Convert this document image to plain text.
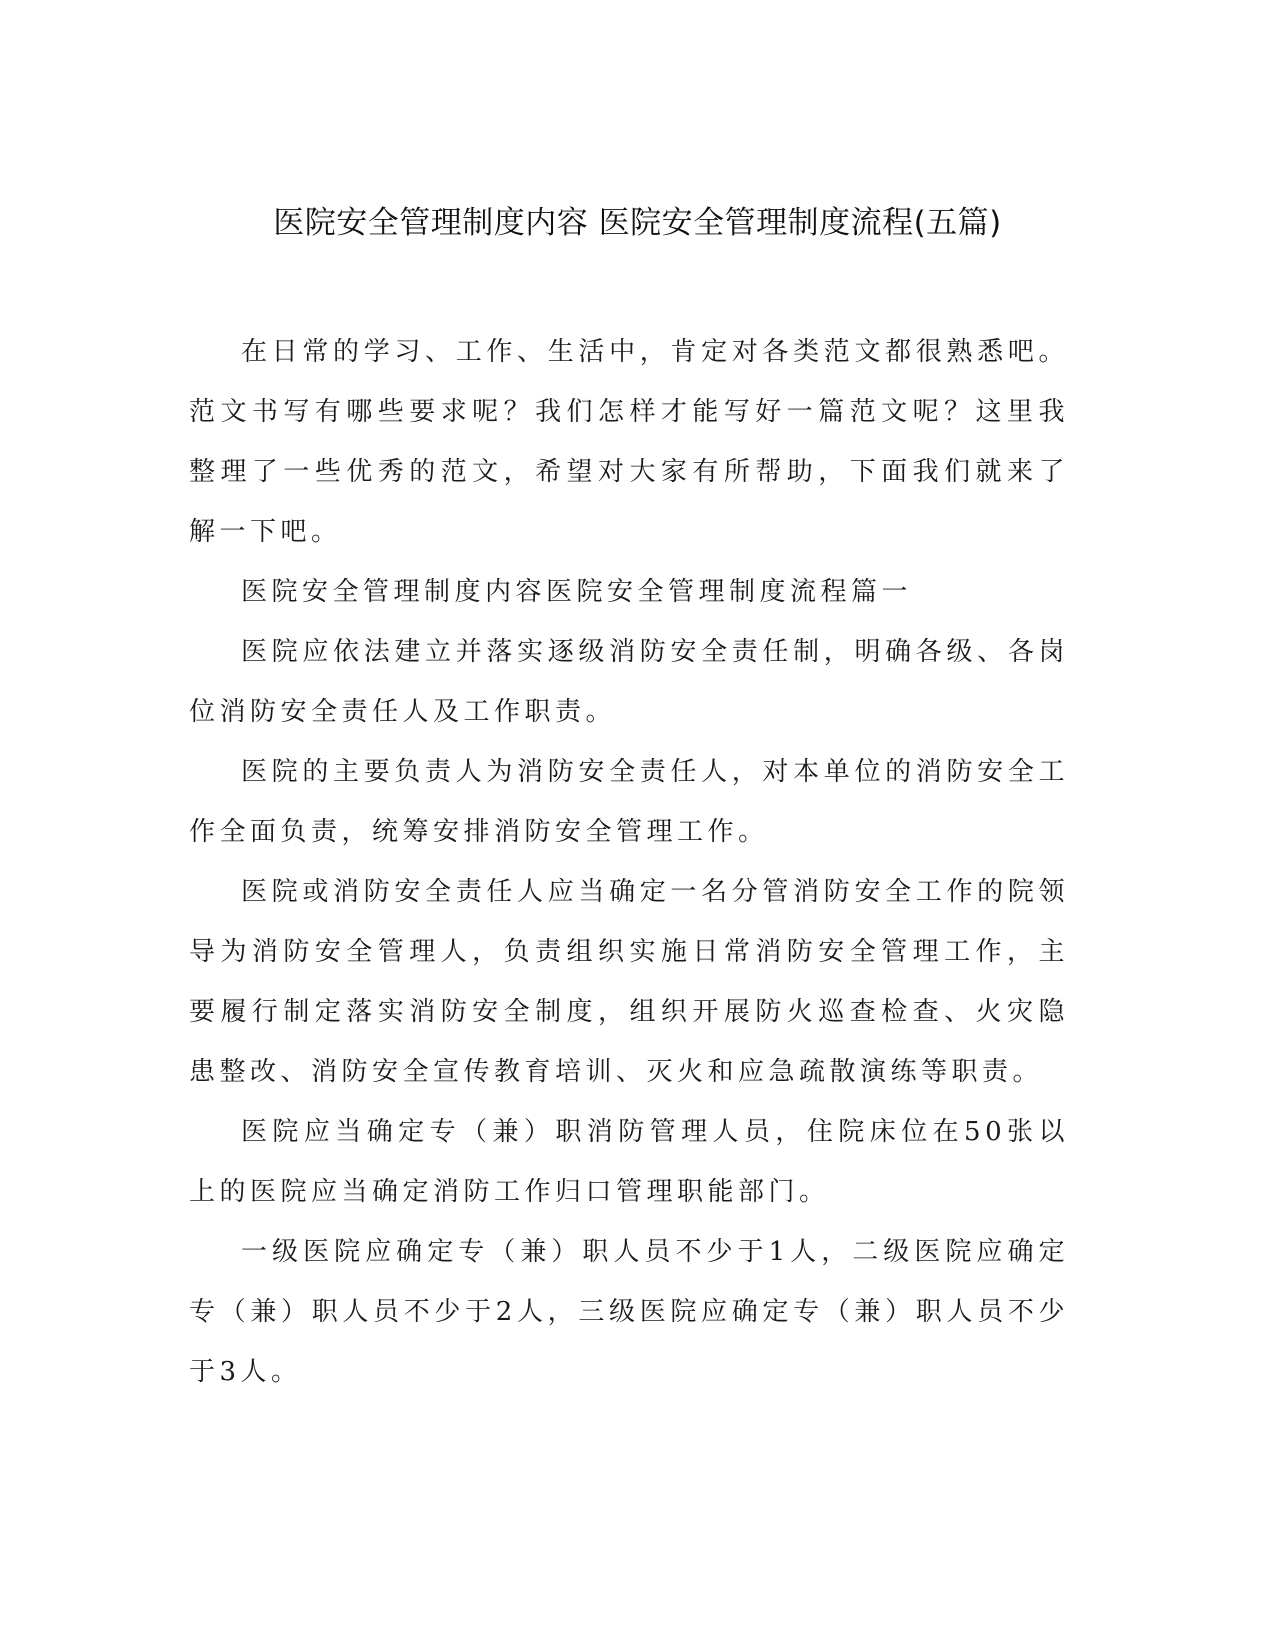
医院安全管理制度内容 医院安全管理制度流程(五篇)

在日常的学习、工作、生活中，肯定对各类范文都很熟悉吧。范文书写有哪些要求呢？我们怎样才能写好一篇范文呢？这里我整理了一些优秀的范文，希望对大家有所帮助，下面我们就来了解一下吧。

医院安全管理制度内容医院安全管理制度流程篇一

医院应依法建立并落实逐级消防安全责任制，明确各级、各岗位消防安全责任人及工作职责。

医院的主要负责人为消防安全责任人，对本单位的消防安全工作全面负责，统筹安排消防安全管理工作。

医院或消防安全责任人应当确定一名分管消防安全工作的院领导为消防安全管理人，负责组织实施日常消防安全管理工作，主要履行制定落实消防安全制度，组织开展防火巡查检查、火灾隐患整改、消防安全宣传教育培训、灭火和应急疏散演练等职责。

医院应当确定专（兼）职消防管理人员，住院床位在50张以上的医院应当确定消防工作归口管理职能部门。

一级医院应确定专（兼）职人员不少于1人，二级医院应确定专（兼）职人员不少于2人，三级医院应确定专（兼）职人员不少于3人。
